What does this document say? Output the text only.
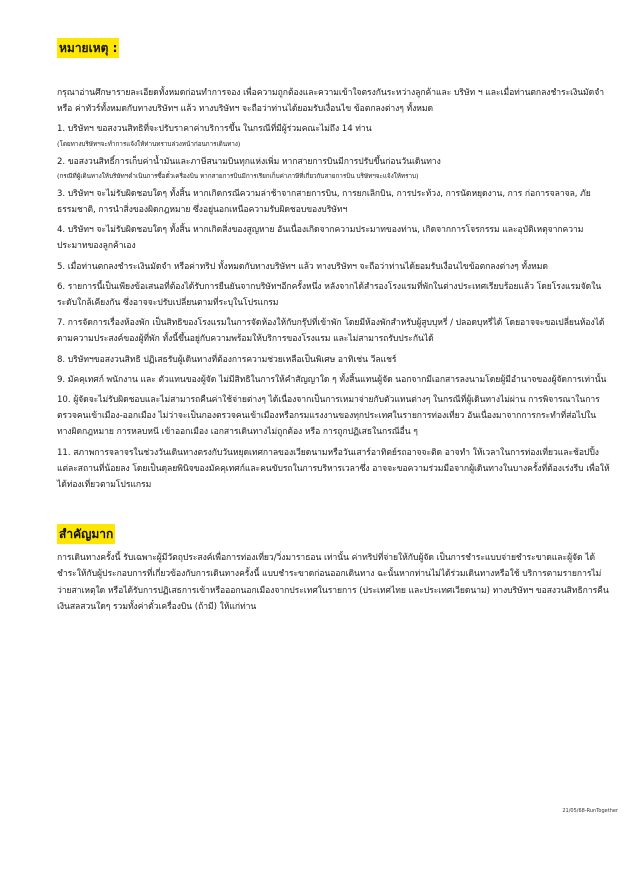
หมายเหตุ :

กรุณาอ่านศึกษารายละเอียดทั้งหมดก่อนทำการจอง เพื่อความถูกต้องและความเข้าใจตรงกันระหว่างลูกค้าและ บริษัท ฯ และเมื่อท่านตกลงชำระเงินมัดจำหรือ ค่าทัวร์ทั้งหมดกับทางบริษัทฯ แล้ว ทางบริษัทฯ จะถือว่าท่านได้ยอมรับเงื่อนไข ข้อตกลงต่างๆ ทั้งหมด

1. บริษัทฯ ขอสงวนสิทธิที่จะปรับราคาค่าบริการขึ้น ในกรณีที่มีผู้ร่วมคณะไม่ถึง 14 ท่าน

(โดยทางบริษัทฯจะทำการแจ้งให้ท่านทราบล่วงหน้าก่อนการเดินทาง)

2. ขอสงวนสิทธิ์การเก็บค่าน้ำมันและภาษีสนามบินทุกแห่งเพิ่ม หากสายการบินมีการปรับขึ้นก่อนวันเดินทาง

(กรณีที่ผู้เดินทางให้บริษัทฯดำเนินการซื้อตั๋วเครื่องบิน หากสายการบินมีการเรียกเก็บค่าภาษีที่เกี่ยวกับสายการบิน บริษัทฯจะแจ้งให้ทราบ)

3. บริษัทฯ จะไม่รับผิดชอบใดๆ ทั้งสิ้น หากเกิดกรณีความล่าช้าจากสายการบิน, การยกเลิกบิน, การประท้วง, การนัดหยุดงาน, การ ก่อการจลาจล, ภัยธรรมชาติ, การนำสิ่งของผิดกฎหมาย ซึ่งอยู่นอกเหนือความรับผิดชอบของบริษัทฯ

4. บริษัทฯ จะไม่รับผิดชอบใดๆ ทั้งสิ้น หากเกิดสิ่งของสูญหาย อันเนื่องเกิดจากความประมาทของท่าน, เกิดจากการโจรกรรม และอุบัติเหตุจากความประมาทของลูกค้าเอง

5. เมื่อท่านตกลงชำระเงินมัดจำ หรือค่าทริป ทั้งหมดกับทางบริษัทฯ แล้ว ทางบริษัทฯ จะถือว่าท่านได้ยอมรับเงื่อนไขข้อตกลงต่างๆ ทั้งหมด

6. รายการนี้เป็นเพียงข้อเสนอที่ต้องได้รับการยืนยันจากบริษัทฯอีกครั้งหนึ่ง หลังจากได้สำรองโรงแรมที่พักในต่างประเทศเรียบร้อยแล้ว โดยโรงแรมจัดในระดับใกล้เคียงกัน ซึ่งอาจจะปรับเปลี่ยนตามที่ระบุในโปรแกรม

7. การจัดการเรื่องห้องพัก เป็นสิทธิของโรงแรมในการจัดห้องให้กับกรุ๊ปที่เข้าพัก โดยมีห้องพักสำหรับผู้สูบบุหรี่ / ปลอดบุหรี่ได้ โดยอาจจะขอเปลี่ยนห้องได้ตามความประสงค์ของผู้ที่พัก ทั้งนี้ขึ้นอยู่กับความพร้อมให้บริการของโรงแรม และไม่สามารถรับประกันได้

8. บริษัทฯขอสงวนสิทธิ ปฏิเสธรับผู้เดินทางที่ต้องการความช่วยเหลือเป็นพิเศษ อาทิเช่น วีลแชร์

9. มัคคุเทศก์ พนักงาน และ ตัวแทนของผู้จัด ไม่มีสิทธิในการให้คำสัญญาใด ๆ ทั้งสิ้นแทนผู้จัด นอกจากมีเอกสารลงนามโดยผู้มีอำนาจของผู้จัดการเท่านั้น

10. ผู้จัดจะไม่รับผิดชอบและไม่สามารถคืนค่าใช้จ่ายต่างๆ ได้เนื่องจากเป็นการเหมาจ่ายกับตัวแทนต่างๆ ในกรณีที่ผู้เดินทางไม่ผ่าน การพิจารณาในการตรวจคนเข้าเมือง-ออกเมือง ไม่ว่าจะเป็นกองตรวจคนเข้าเมืองหรือกรมแรงงานของทุกประเทศในรายการท่องเที่ยว อันเนื่องมาจากการกระทำที่ส่อไปในทางผิดกฎหมาย การหลบหนี เข้าออกเมือง เอกสารเดินทางไม่ถูกต้อง หรือ การถูกปฏิเสธในกรณีอื่น ๆ

11. สภาพการจลาจรในช่วงวันเดินทางตรงกับวันหยุดเทศกาลของเวียดนามหรือวันเสาร์อาทิตย์รถอาจจะติด อาจทำ ให้เวลาในการท่องเที่ยวและช้อปปิ้งแต่ละสถานที่น้อยลง โดยเป็นดุลยพินิจของมัคคุเทศก์และคนขับรถในการบริหารเวลาซึ่ง อาจจะขอความร่วมมือจากผู้เดินทางในบางครั้งที่ต้องเร่งรีบ เพื่อให้ได้ท่องเที่ยวตามโปรแกรม

สำคัญมาก

การเดินทางครั้งนี้ รับเฉพาะผู้มีวัตถุประสงค์เพื่อการท่องเที่ยว/วิ่งมาราธอน เท่านั้น ค่าทริปที่จ่ายให้กับผู้จัด เป็นการชำระแบบจ่ายชำระขาดและผู้จัด ได้ชำระให้กับผู้ประกอบการที่เกี่ยวข้องกับการเดินทางครั้งนี้ แบบชำระขาดก่อนออกเดินทาง ฉะนั้นหากท่านไม่ได้ร่วมเดินทางหรือใช้ บริการตามรายการไม่ว่ายสาเหตุใด หรือได้รับการปฏิเสธการเข้าหรือออกนอกเมืองจากประเทศในรายการ (ประเทศไทย และประเทศเวียดนาม) ทางบริษัทฯ ขอสงวนสิทธิการคืนเงินสลสวนใดๆ รวมทั้งค่าตั๋วเครื่องบิน (ถ้ามี) ให้แก่ท่าน

21/05/68-RunTogether
